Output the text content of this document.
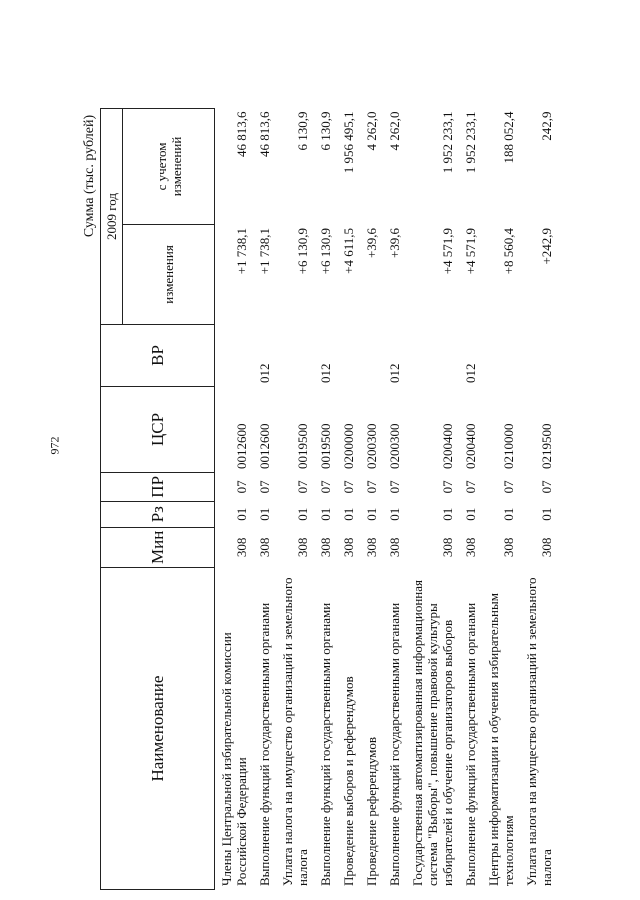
972
Сумма (тыс. рублей)
Наименование	Мин	Рз	ПР	ЦСР	ВР	2009 год	
						изменения	с учетом изменений
Члены Центральной избирательной комиссии Российской Федерации	308	01	07	0012600		+1 738,1	46 813,6
Выполнение функций государственными органами	308	01	07	0012600	012	+1 738,1	46 813,6
Уплата налога на имущество организаций и земельного налога	308	01	07	0019500		+6 130,9	6 130,9
Выполнение функций государственными органами	308	01	07	0019500	012	+6 130,9	6 130,9
Проведение выборов и референдумов	308	01	07	0200000		+4 611,5	1 956 495,1
Проведение референдумов	308	01	07	0200300		+39,6	4 262,0
Выполнение функций государственными органами	308	01	07	0200300	012	+39,6	4 262,0
Государственная автоматизированная информационная система "Выборы", повышение правовой культуры избирателей и обучение организаторов выборов	308	01	07	0200400		+4 571,9	1 952 233,1
Выполнение функций государственными органами	308	01	07	0200400	012	+4 571,9	1 952 233,1
Центры информатизации и обучения избирательным технологиям	308	01	07	0210000		+8 560,4	188 052,4
Уплата налога на имущество организаций и земельного налога	308	01	07	0219500		+242,9	242,9
